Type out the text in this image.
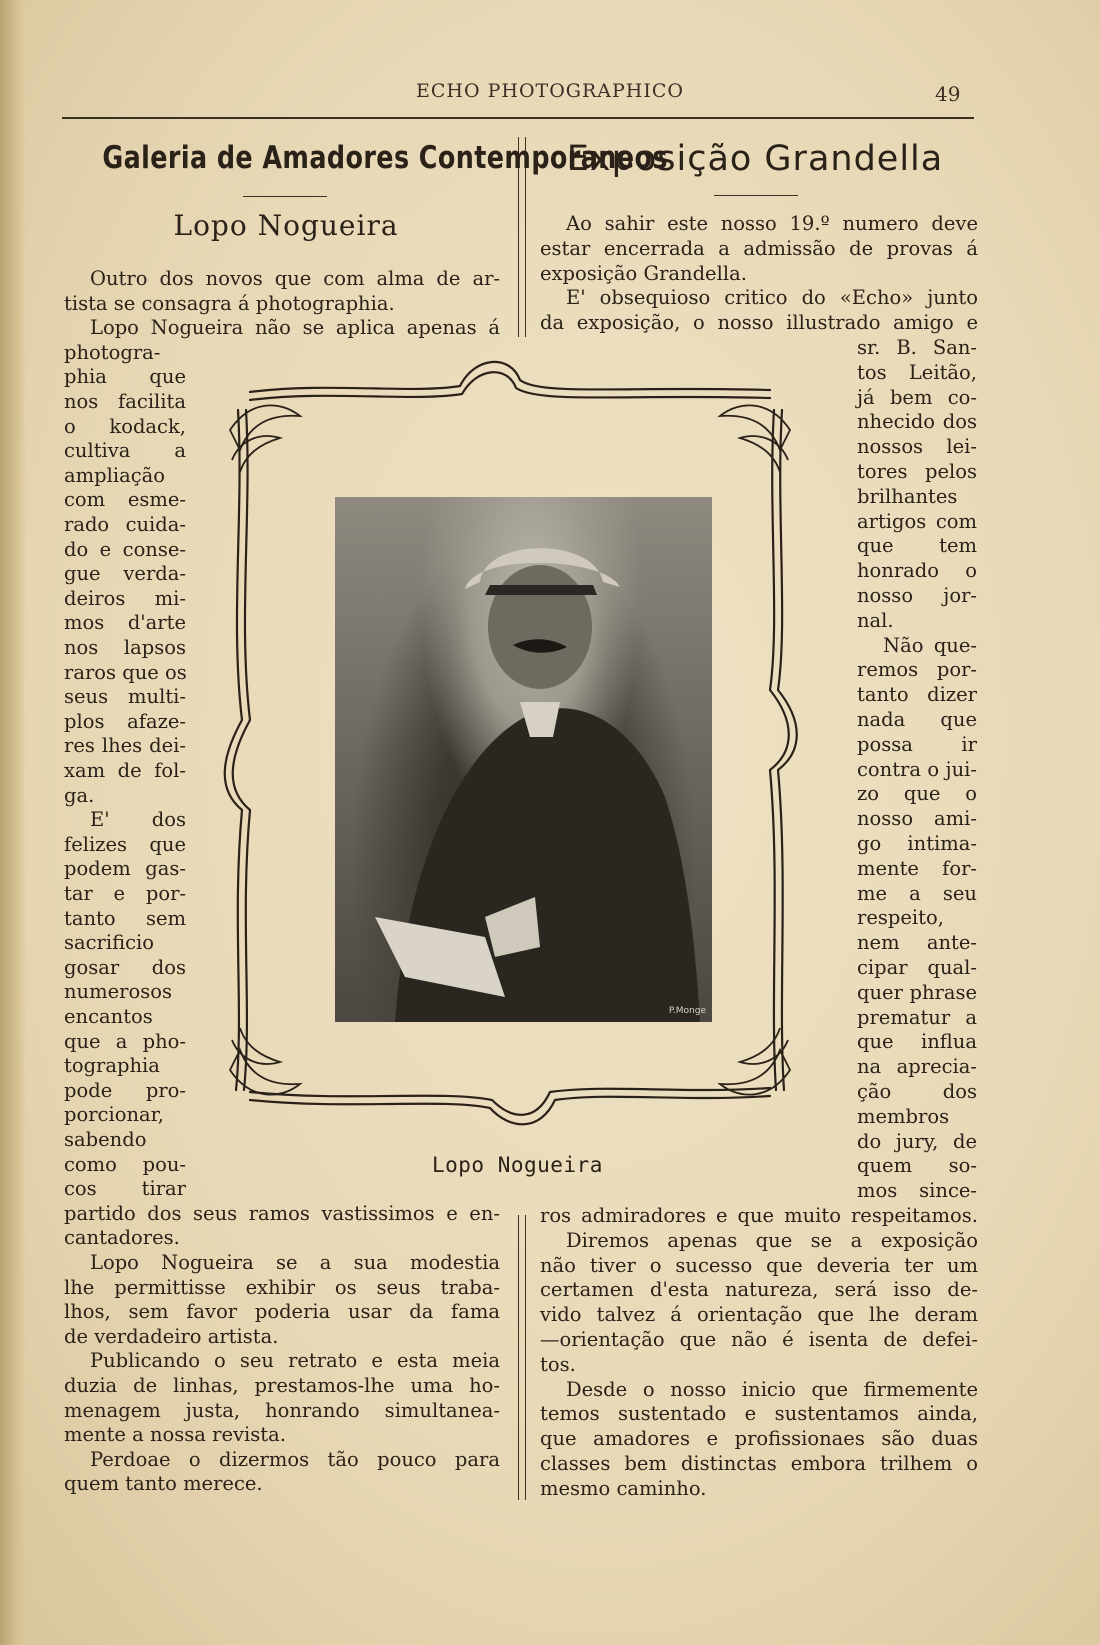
ECHO PHOTOGRAPHICO	49
Galeria de Amadores Contemporaneos
Lopo Nogueira
Exposição Grandella
Outro dos novos que com alma de ar-
tista se consagra á photographia.
Lopo Nogueira não se aplica apenas á
photogra-
phia que
nos facilita
o kodack,
cultiva a
ampliação
com esme-
rado cuida-
do e conse-
gue verda-
deiros mi-
mos d'arte
nos lapsos
raros que os
seus multi-
plos afaze-
res lhes dei-
xam de fol-
ga.
E' dos
felizes que
podem gas-
tar e por-
tanto sem
sacrificio
gosar dos
numerosos
encantos
que a pho-
tographia
pode pro-
porcionar,
sabendo
como pou-
cos tirar
partido dos seus ramos vastissimos e en-
cantadores.
Lopo Nogueira se a sua modestia
lhe permittisse exhibir os seus traba-
lhos, sem favor poderia usar da fama
de verdadeiro artista.
Publicando o seu retrato e esta meia
duzia de linhas, prestamos-lhe uma ho-
menagem justa, honrando simultanea-
mente a nossa revista.
Perdoae o dizermos tão pouco para
quem tanto merece.
Ao sahir este nosso 19.º numero deve
estar encerrada a admissão de provas á
exposição Grandella.
E' obsequioso critico do «Echo» junto
da exposição, o nosso illustrado amigo e
sr. B. San-
tos Leitão,
já bem co-
nhecido dos
nossos lei-
tores pelos
brilhantes
artigos com
que tem
honrado o
nosso jor-
nal.
Não que-
remos por-
tanto dizer
nada que
possa ir
contra o jui-
zo que o
nosso ami-
go intima-
mente for-
me a seu
respeito,
nem ante-
cipar qual-
quer phrase
prematur a
que influa
na aprecia-
ção dos
membros
do jury, de
quem so-
mos since-
ros admiradores e que muito respeitamos.
Diremos apenas que se a exposição
não tiver o sucesso que deveria ter um
certamen d'esta natureza, será isso de-
vido talvez á orientação que lhe deram
—orientação que não é isenta de defei-
tos.
Desde o nosso inicio que firmemente
temos sustentado e sustentamos ainda,
que amadores e profissionaes são duas
classes bem distinctas embora trilhem o
mesmo caminho.
P.Monge
Lopo Nogueira
